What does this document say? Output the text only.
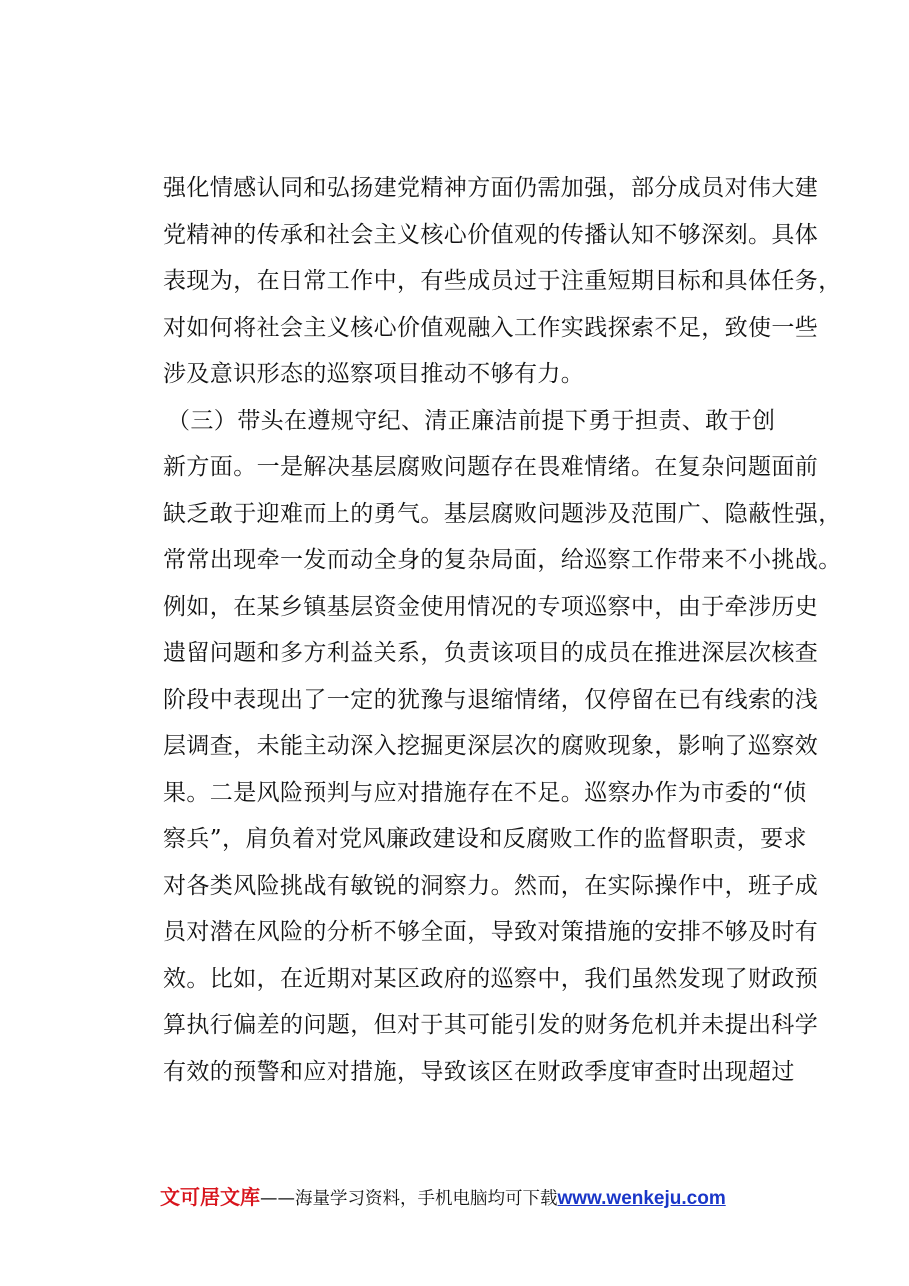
强化情感认同和弘扬建党精神方面仍需加强，部分成员对伟大建
党精神的传承和社会主义核心价值观的传播认知不够深刻。具体
表现为，在日常工作中，有些成员过于注重短期目标和具体任务，
对如何将社会主义核心价值观融入工作实践探索不足，致使一些
涉及意识形态的巡察项目推动不够有力。
（三）带头在遵规守纪、清正廉洁前提下勇于担责、敢于创
新方面。一是解决基层腐败问题存在畏难情绪。在复杂问题面前
缺乏敢于迎难而上的勇气。基层腐败问题涉及范围广、隐蔽性强，
常常出现牵一发而动全身的复杂局面，给巡察工作带来不小挑战。
例如，在某乡镇基层资金使用情况的专项巡察中，由于牵涉历史
遗留问题和多方利益关系，负责该项目的成员在推进深层次核查
阶段中表现出了一定的犹豫与退缩情绪，仅停留在已有线索的浅
层调查，未能主动深入挖掘更深层次的腐败现象，影响了巡察效
果。二是风险预判与应对措施存在不足。巡察办作为市委的“侦
察兵”，肩负着对党风廉政建设和反腐败工作的监督职责，要求
对各类风险挑战有敏锐的洞察力。然而，在实际操作中，班子成
员对潜在风险的分析不够全面，导致对策措施的安排不够及时有
效。比如，在近期对某区政府的巡察中，我们虽然发现了财政预
算执行偏差的问题，但对于其可能引发的财务危机并未提出科学
有效的预警和应对措施，导致该区在财政季度审查时出现超过
文可居文库——海量学习资料，手机电脑均可下载www.wenkeju.com
